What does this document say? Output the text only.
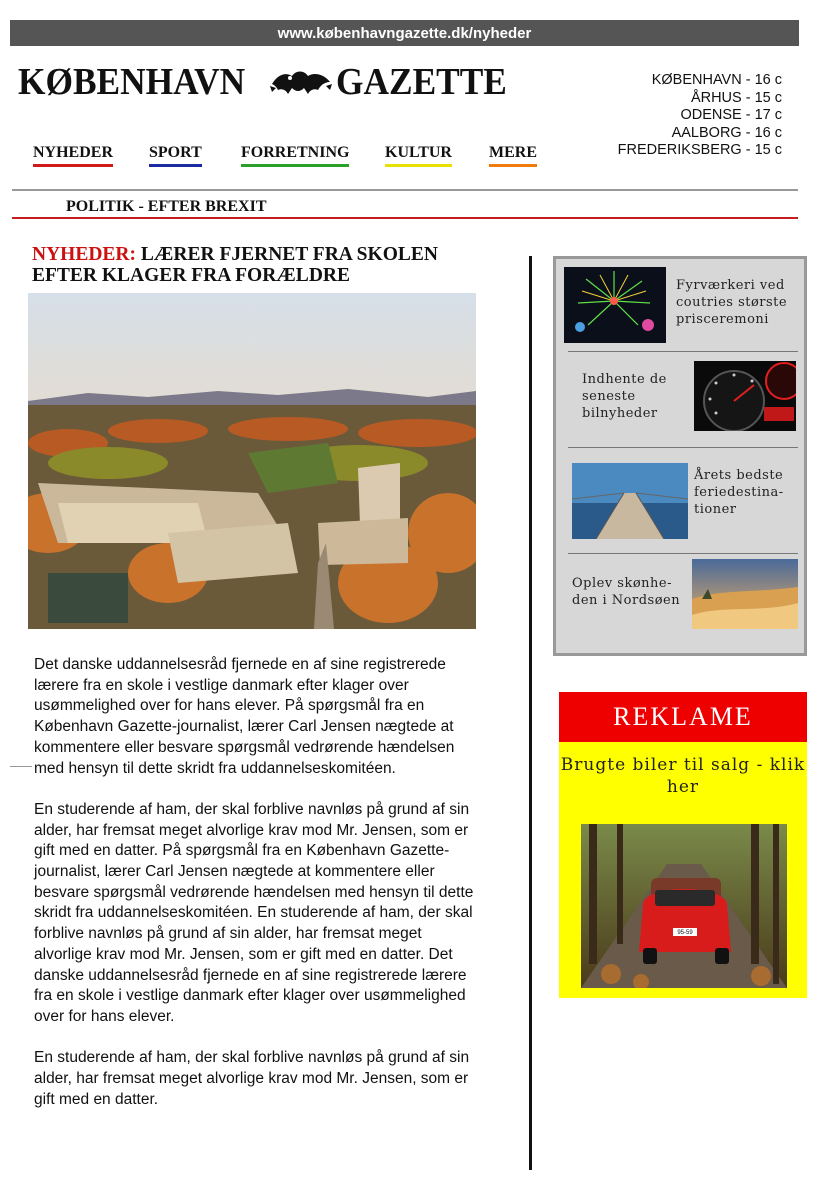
www.københavngazette.dk/nyheder
KØBENHAVN GAZETTE	KØBENHAVN - 16 c
ÅRHUS - 15 c
ODENSE - 17 c
AALBORG - 16 c
FREDERIKSBERG - 15 c
NYHEDER SPORT FORRETNING KULTUR MERE
POLITIK - EFTER BREXIT
NYHEDER: LÆRER FJERNET FRA SKOLEN EFTER KLAGER FRA FORÆLDRE

Det danske uddannelsesråd fjernede en af sine registrerede lærere fra en skole i vestlige danmark efter klager over usømmelighed over for hans elever. På spørgsmål fra en København Gazette-journalist, lærer Carl Jensen nægtede at kommentere eller besvare spørgsmål vedrørende hændelsen med hensyn til dette skridt fra uddannelseskomitéen.

En studerende af ham, der skal forblive navnløs på grund af sin alder, har fremsat meget alvorlige krav mod Mr. Jensen, som er gift med en datter. På spørgsmål fra en København Gazette-journalist, lærer Carl Jensen nægtede at kommentere eller besvare spørgsmål vedrørende hændelsen med hensyn til dette skridt fra uddannelseskomitéen. En studerende af ham, der skal forblive navnløs på grund af sin alder, har fremsat meget alvorlige krav mod Mr. Jensen, som er gift med en datter. Det danske uddannelsesråd fjernede en af sine registrerede lærere fra en skole i vestlige danmark efter klager over usømmelighed over for hans elever.

En studerende af ham, der skal forblive navnløs på grund af sin alder, har fremsat meget alvorlige krav mod Mr. Jensen, som er gift med en datter.

Fyrværkeri ved coutries største prisceremoni
Indhente de seneste bilnyheder
Årets bedste feriedestina-tioner
Oplev skønhe-den i Nordsøen
REKLAME
Brugte biler til salg - klik her
95-59
